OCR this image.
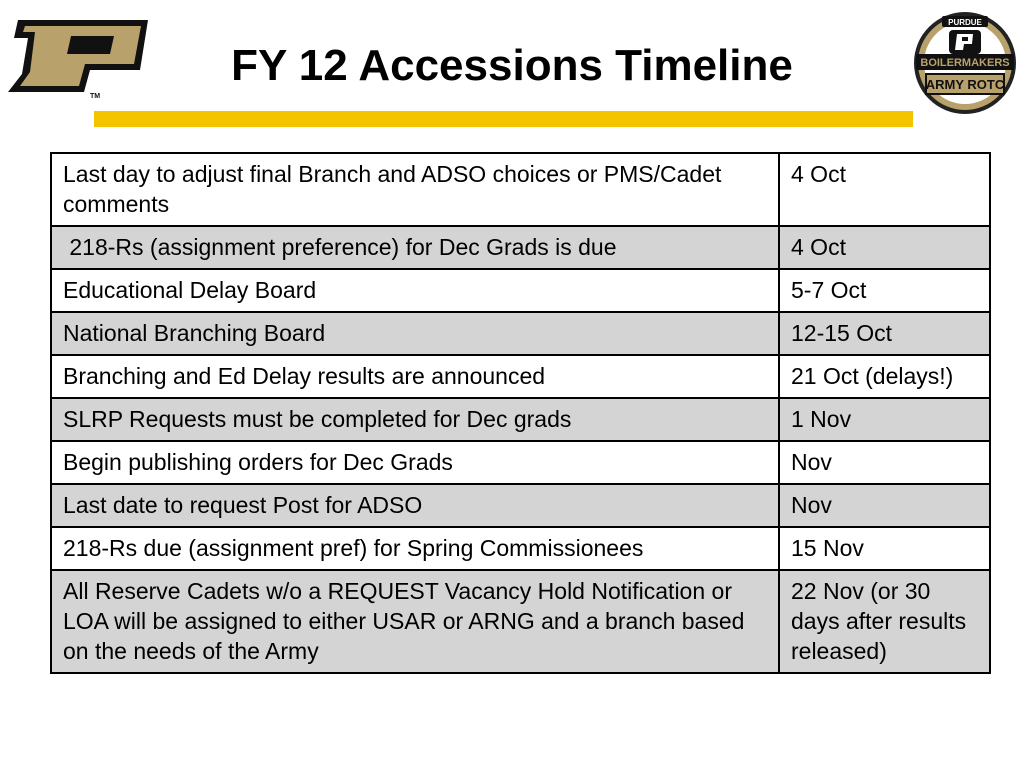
TM
FY 12 Accessions Timeline
PURDUE
BOILERMAKERS
ARMY ROTC
Last day to adjust final Branch and ADSO choices or PMS/Cadet comments	4 Oct
218-Rs (assignment preference) for Dec Grads is due	4 Oct
Educational Delay Board	5-7 Oct
National Branching Board	12-15 Oct
Branching and Ed Delay results are announced	21 Oct (delays!)
SLRP Requests must be completed for Dec grads	1 Nov
Begin publishing orders for Dec Grads	Nov
Last date to request Post for ADSO	Nov
218-Rs due (assignment pref) for Spring Commissionees	15 Nov
All Reserve Cadets w/o a REQUEST Vacancy Hold Notification or LOA will be assigned to either USAR or ARNG and a branch based on the needs of the Army	22 Nov (or 30 days after results released)
